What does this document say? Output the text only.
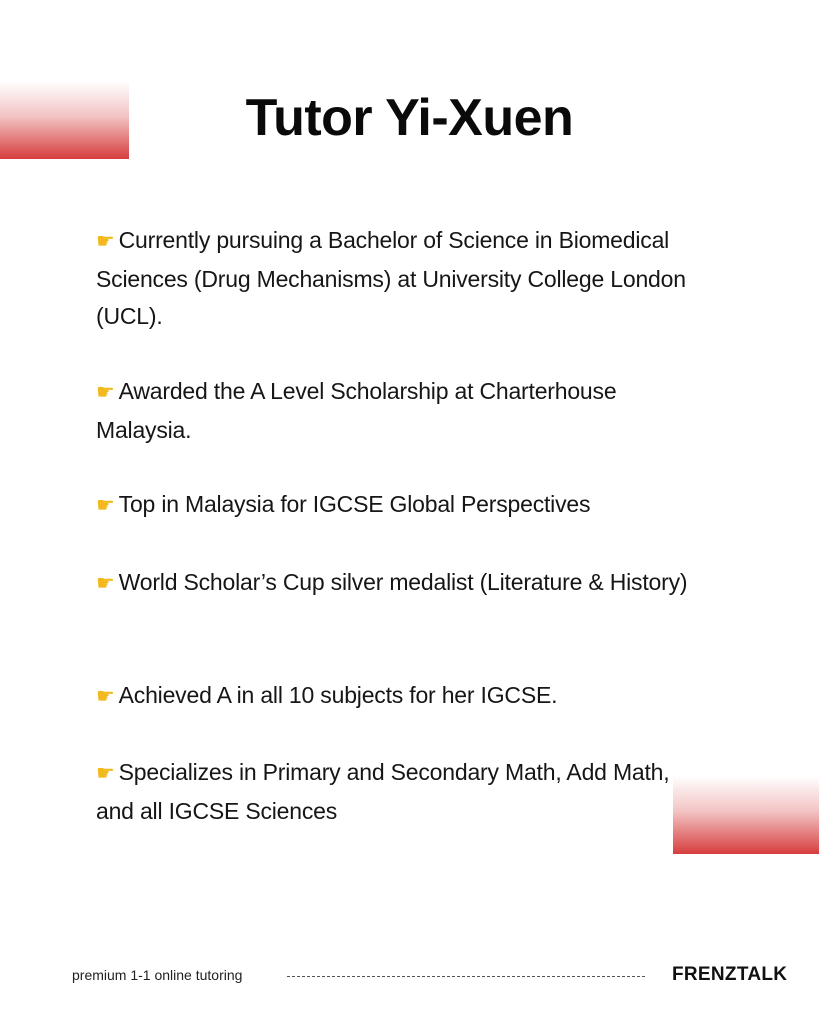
Tutor Yi-Xuen
☛ Currently pursuing a Bachelor of Science in Biomedical Sciences (Drug Mechanisms) at University College London (UCL).
☛ Awarded the A Level Scholarship at Charterhouse Malaysia.
☛ Top in Malaysia for IGCSE Global Perspectives
☛ World Scholar’s Cup silver medalist (Literature & History)
☛ Achieved A in all 10 subjects for her IGCSE.
☛ Specializes in Primary and Secondary Math, Add Math, and all IGCSE Sciences
premium 1-1 online tutoring	FRENZTALK
